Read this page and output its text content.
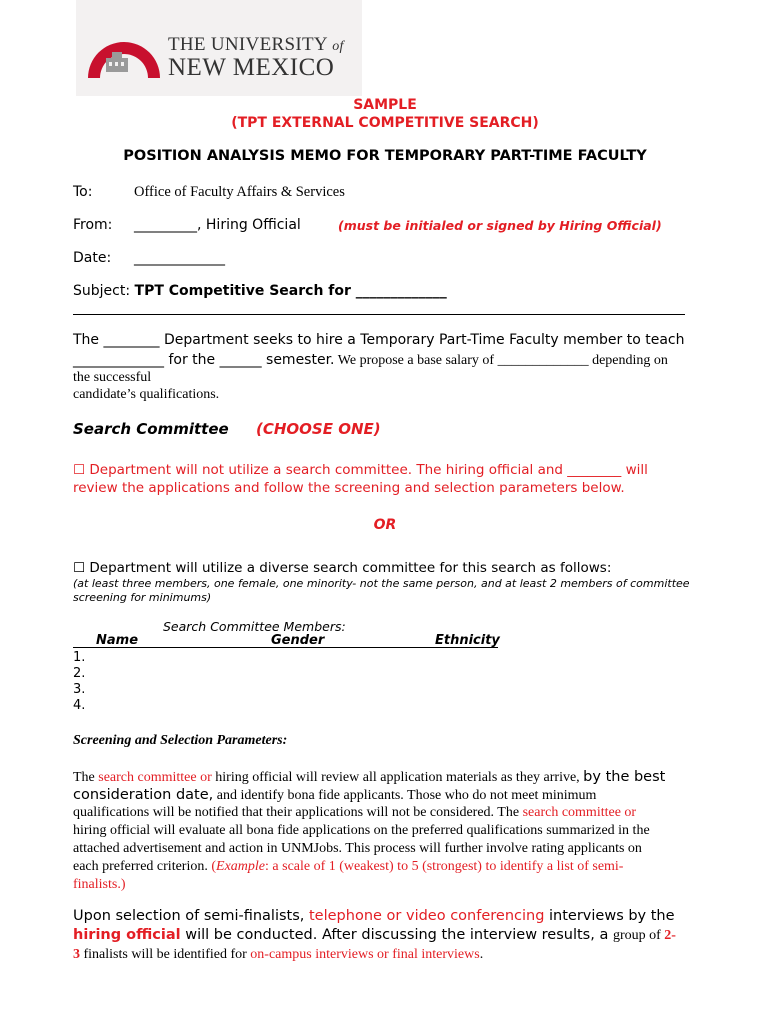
THE UNIVERSITY of
NEW MEXICO
SAMPLE
(TPT EXTERNAL COMPETITIVE SEARCH)
POSITION ANALYSIS MEMO FOR TEMPORARY PART-TIME FACULTY
To:	Office of Faculty Affairs & Services
From: _________, Hiring Official	(must be initialed or signed by Hiring Official)
Date: _____________
Subject: TPT Competitive Search for _____________
The ________ Department seeks to hire a Temporary Part-Time Faculty member to teach
_____________ for the ______ semester. We propose a base salary of _____________ depending on
the successful
candidate’s qualifications.
Search Committee (CHOOSE ONE)
☐ Department will not utilize a search committee. The hiring official and ________ will
review the applications and follow the screening and selection parameters below.
OR
☐ Department will utilize a diverse search committee for this search as follows:
(at least three members, one female, one minority- not the same person, and at least 2 members of committee
screening for minimums)
Search Committee Members:
Name	Gender	Ethnicity
1.
2.
3.
4.
Screening and Selection Parameters:
The search committee or hiring official will review all application materials as they arrive, by the best
consideration date, and identify bona fide applicants. Those who do not meet minimum
qualifications will be notified that their applications will not be considered. The search committee or
hiring official will evaluate all bona fide applications on the preferred qualifications summarized in the
attached advertisement and action in UNMJobs. This process will further involve rating applicants on
each preferred criterion. (Example: a scale of 1 (weakest) to 5 (strongest) to identify a list of semi-
finalists.)
Upon selection of semi-finalists, telephone or video conferencing interviews by the
hiring official will be conducted. After discussing the interview results, a group of 2-
3 finalists will be identified for on-campus interviews or final interviews.
